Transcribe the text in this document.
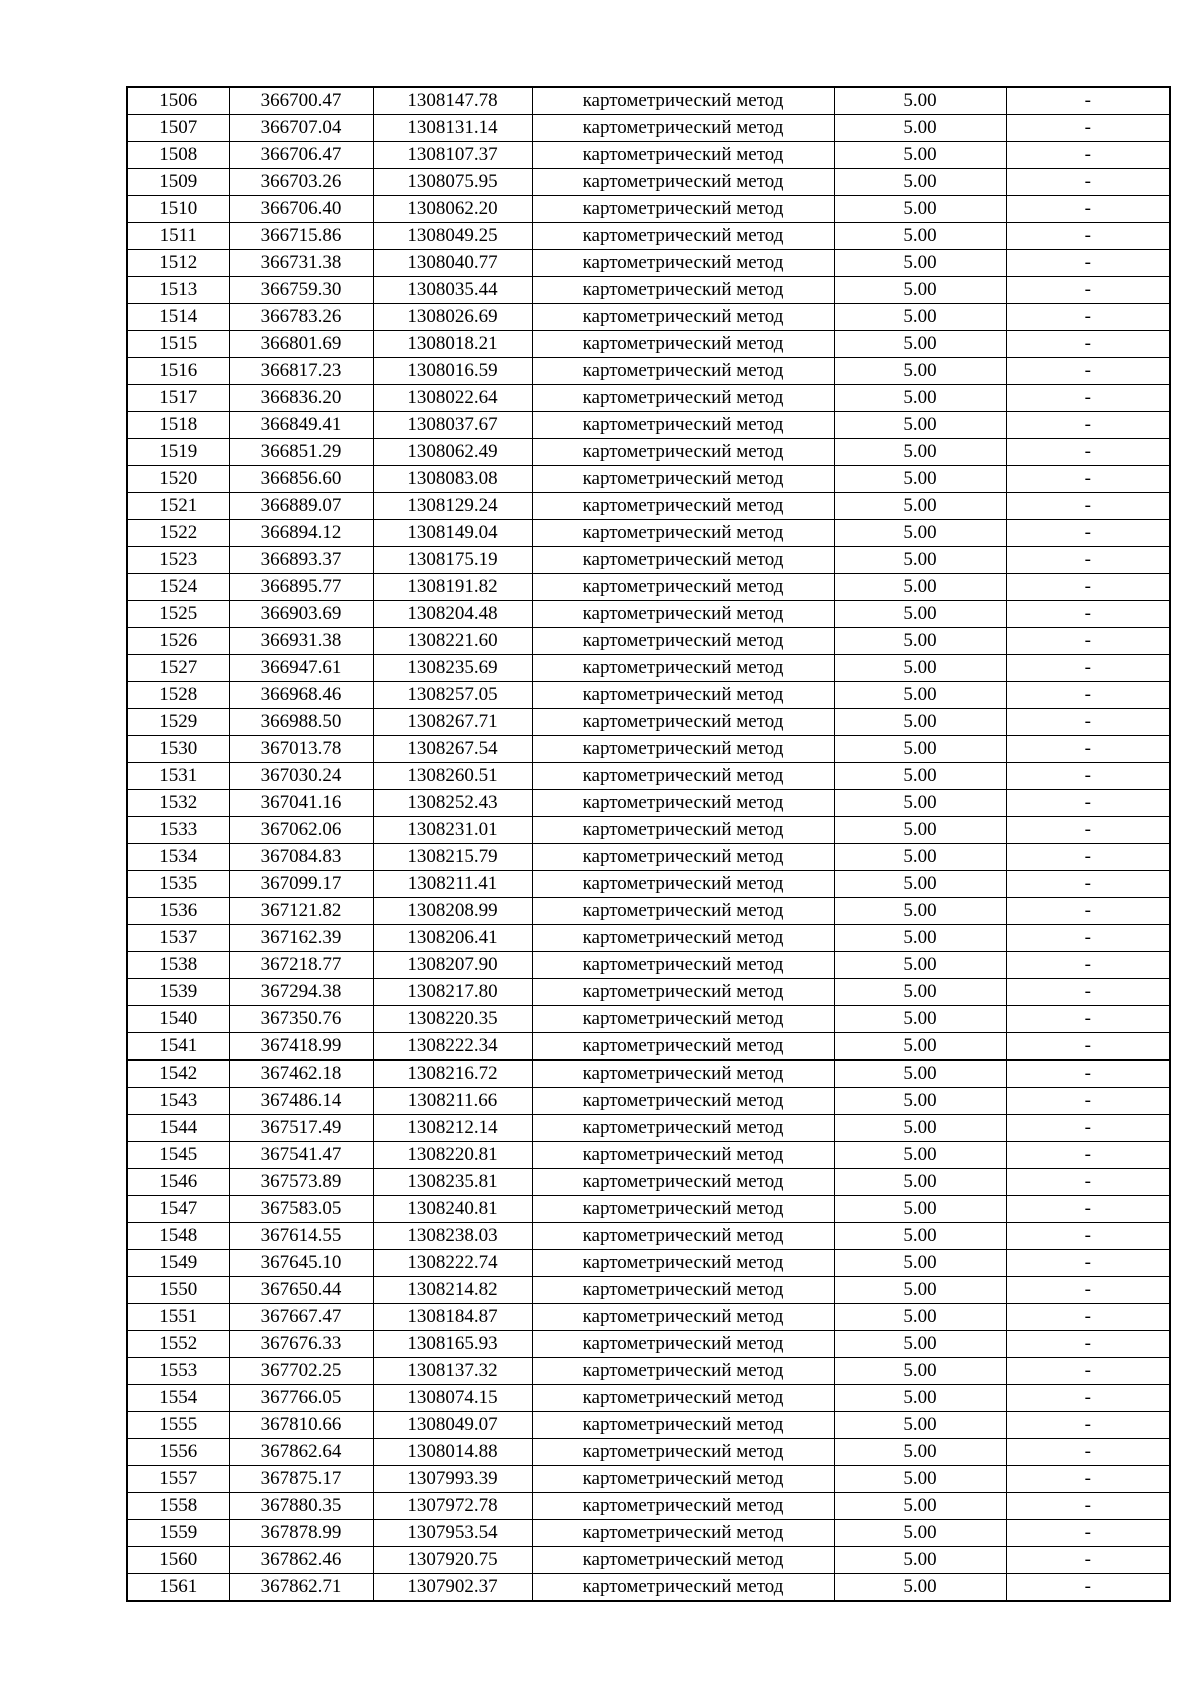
1506	366700.47	1308147.78	картометрический метод	5.00	-
1507	366707.04	1308131.14	картометрический метод	5.00	-
1508	366706.47	1308107.37	картометрический метод	5.00	-
1509	366703.26	1308075.95	картометрический метод	5.00	-
1510	366706.40	1308062.20	картометрический метод	5.00	-
1511	366715.86	1308049.25	картометрический метод	5.00	-
1512	366731.38	1308040.77	картометрический метод	5.00	-
1513	366759.30	1308035.44	картометрический метод	5.00	-
1514	366783.26	1308026.69	картометрический метод	5.00	-
1515	366801.69	1308018.21	картометрический метод	5.00	-
1516	366817.23	1308016.59	картометрический метод	5.00	-
1517	366836.20	1308022.64	картометрический метод	5.00	-
1518	366849.41	1308037.67	картометрический метод	5.00	-
1519	366851.29	1308062.49	картометрический метод	5.00	-
1520	366856.60	1308083.08	картометрический метод	5.00	-
1521	366889.07	1308129.24	картометрический метод	5.00	-
1522	366894.12	1308149.04	картометрический метод	5.00	-
1523	366893.37	1308175.19	картометрический метод	5.00	-
1524	366895.77	1308191.82	картометрический метод	5.00	-
1525	366903.69	1308204.48	картометрический метод	5.00	-
1526	366931.38	1308221.60	картометрический метод	5.00	-
1527	366947.61	1308235.69	картометрический метод	5.00	-
1528	366968.46	1308257.05	картометрический метод	5.00	-
1529	366988.50	1308267.71	картометрический метод	5.00	-
1530	367013.78	1308267.54	картометрический метод	5.00	-
1531	367030.24	1308260.51	картометрический метод	5.00	-
1532	367041.16	1308252.43	картометрический метод	5.00	-
1533	367062.06	1308231.01	картометрический метод	5.00	-
1534	367084.83	1308215.79	картометрический метод	5.00	-
1535	367099.17	1308211.41	картометрический метод	5.00	-
1536	367121.82	1308208.99	картометрический метод	5.00	-
1537	367162.39	1308206.41	картометрический метод	5.00	-
1538	367218.77	1308207.90	картометрический метод	5.00	-
1539	367294.38	1308217.80	картометрический метод	5.00	-
1540	367350.76	1308220.35	картометрический метод	5.00	-
1541	367418.99	1308222.34	картометрический метод	5.00	-
1542	367462.18	1308216.72	картометрический метод	5.00	-
1543	367486.14	1308211.66	картометрический метод	5.00	-
1544	367517.49	1308212.14	картометрический метод	5.00	-
1545	367541.47	1308220.81	картометрический метод	5.00	-
1546	367573.89	1308235.81	картометрический метод	5.00	-
1547	367583.05	1308240.81	картометрический метод	5.00	-
1548	367614.55	1308238.03	картометрический метод	5.00	-
1549	367645.10	1308222.74	картометрический метод	5.00	-
1550	367650.44	1308214.82	картометрический метод	5.00	-
1551	367667.47	1308184.87	картометрический метод	5.00	-
1552	367676.33	1308165.93	картометрический метод	5.00	-
1553	367702.25	1308137.32	картометрический метод	5.00	-
1554	367766.05	1308074.15	картометрический метод	5.00	-
1555	367810.66	1308049.07	картометрический метод	5.00	-
1556	367862.64	1308014.88	картометрический метод	5.00	-
1557	367875.17	1307993.39	картометрический метод	5.00	-
1558	367880.35	1307972.78	картометрический метод	5.00	-
1559	367878.99	1307953.54	картометрический метод	5.00	-
1560	367862.46	1307920.75	картометрический метод	5.00	-
1561	367862.71	1307902.37	картометрический метод	5.00	-
